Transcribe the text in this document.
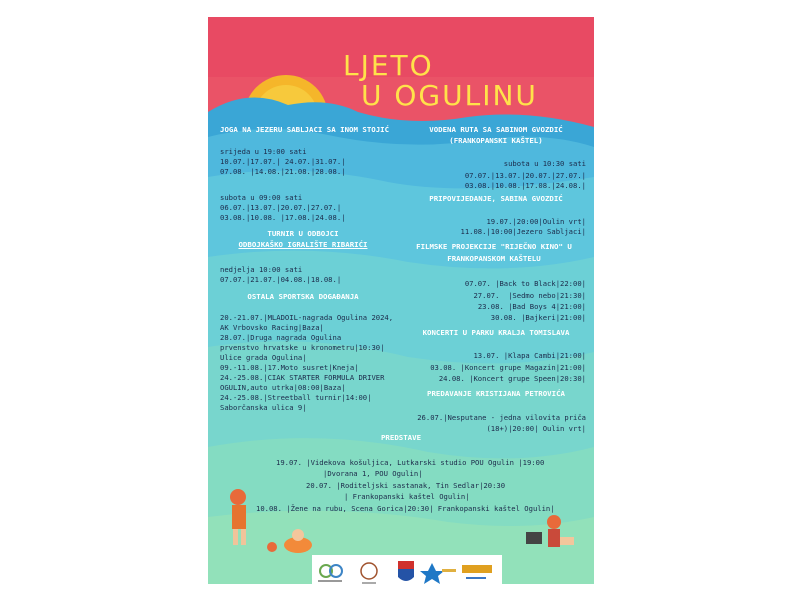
LJETO
U OGULINU
JOGA NA JEZERU SABLJACI SA INOM STOJIĆ
srijeda u 19:00 sati
10.07.|17.07.| 24.07.|31.07.|
07.08. |14.08.|21.08.|28.08.|
subota u 09:00 sati
06.07.|13.07.|20.07.|27.07.|
03.08.|10.08. |17.08.|24.08.|
TURNIR U ODBOJCI
ODBOJKAŠKO IGRALIŠTE RIBARIĆI
nedjelja 10:00 sati
07.07.|21.07.|04.08.|18.08.|
OSTALA SPORTSKA DOGAĐANJA
20.-21.07.|MLADOIL-nagrada Ogulina 2024,
AK Vrbovsko Racing|Baza|
28.07.|Druga nagrada Ogulina
prvenstvo hrvatske u kronometru|10:30|
Ulice grada Ogulina|
09.-11.08.|17.Moto susret|Kneja|
24.-25.08.|CIAK STARTER FORMULA DRIVER
OGULIN,auto utrka|08:00|Baza|
24.-25.08.|Streetball turnir|14:00|
Saborčanska ulica 9|
VODENA RUTA SA SABINOM GVOZDIĆ
(FRANKOPANSKI KAŠTEL)
subota u 10:30 sati
07.07.|13.07.|20.07.|27.07.|
03.08.|10.08.|17.08.|24.08.|
PRIPOVIJEDANJE, SABINA GVOZDIĆ
19.07.|20:00|Oulin vrt|
11.08.|10:00|Jezero Sabljaci|
FILMSKE PROJEKCIJE "RIJEČNO KINO" U
FRANKOPANSKOM KAŠTELU
07.07. |Back to Black|22:00|
27.07.  |Sedmo nebo|21:30|
23.08. |Bad Boys 4|21:00|
30.08. |Bajkeri|21:00|
KONCERTI U PARKU KRALJA TOMISLAVA
13.07. |Klapa Cambi|21:00|
03.08. |Koncert grupe Magazin|21:00|
24.08. |Koncert grupe Speen|20:30|
PREDAVANJE KRISTIJANA PETROVIĆA
26.07.|Nesputane - jedna vilovita priča
(18+)|20:00| Oulin vrt|
PREDSTAVE
19.07. |Videkova košuljica, Lutkarski studio POU Ogulin |19:00
|Dvorana 1, POU Ogulin|
20.07. |Roditeljski sastanak, Tin Sedlar|20:30
| Frankopanski kaštel Ogulin|
10.08. |Žene na rubu, Scena Gorica|20:30| Frankopanski kaštel Ogulin|
